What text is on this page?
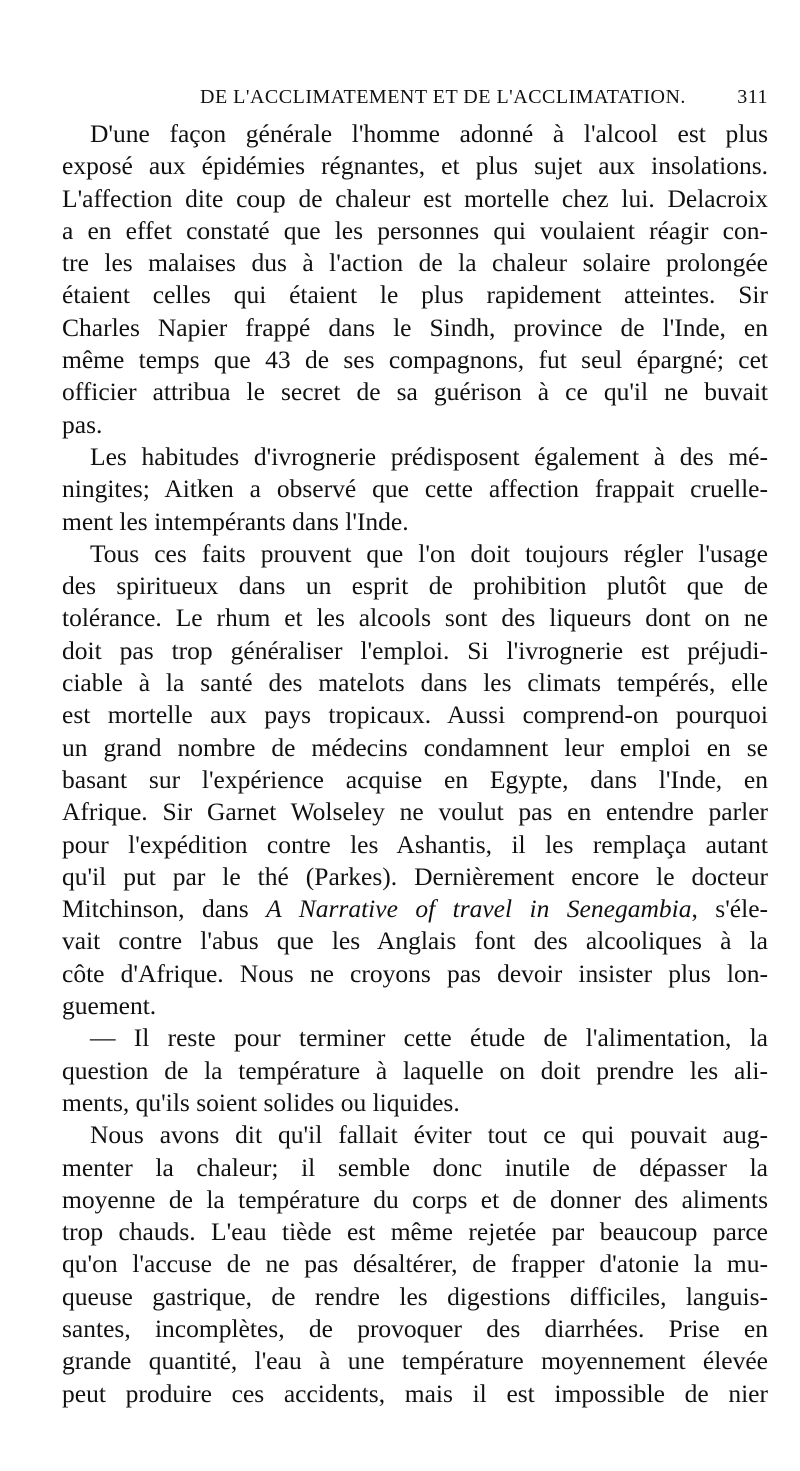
DE L'ACCLIMATEMENT ET DE L'ACCLIMATATION.	311
D'une façon générale l'homme adonné à l'alcool est plus
exposé aux épidémies régnantes, et plus sujet aux insolations.
L'affection dite coup de chaleur est mortelle chez lui. Delacroix
a en effet constaté que les personnes qui voulaient réagir con-
tre les malaises dus à l'action de la chaleur solaire prolongée
étaient celles qui étaient le plus rapidement atteintes. Sir
Charles Napier frappé dans le Sindh, province de l'Inde, en
même temps que 43 de ses compagnons, fut seul épargné; cet
officier attribua le secret de sa guérison à ce qu'il ne buvait
pas.
Les habitudes d'ivrognerie prédisposent également à des mé-
ningites; Aitken a observé que cette affection frappait cruelle-
ment les intempérants dans l'Inde.
Tous ces faits prouvent que l'on doit toujours régler l'usage
des spiritueux dans un esprit de prohibition plutôt que de
tolérance. Le rhum et les alcools sont des liqueurs dont on ne
doit pas trop généraliser l'emploi. Si l'ivrognerie est préjudi-
ciable à la santé des matelots dans les climats tempérés, elle
est mortelle aux pays tropicaux. Aussi comprend-on pourquoi
un grand nombre de médecins condamnent leur emploi en se
basant sur l'expérience acquise en Egypte, dans l'Inde, en
Afrique. Sir Garnet Wolseley ne voulut pas en entendre parler
pour l'expédition contre les Ashantis, il les remplaça autant
qu'il put par le thé (Parkes). Dernièrement encore le docteur
Mitchinson, dans A Narrative of travel in Senegambia, s'éle-
vait contre l'abus que les Anglais font des alcooliques à la
côte d'Afrique. Nous ne croyons pas devoir insister plus lon-
guement.
— Il reste pour terminer cette étude de l'alimentation, la
question de la température à laquelle on doit prendre les ali-
ments, qu'ils soient solides ou liquides.
Nous avons dit qu'il fallait éviter tout ce qui pouvait aug-
menter la chaleur; il semble donc inutile de dépasser la
moyenne de la température du corps et de donner des aliments
trop chauds. L'eau tiède est même rejetée par beaucoup parce
qu'on l'accuse de ne pas désaltérer, de frapper d'atonie la mu-
queuse gastrique, de rendre les digestions difficiles, languis-
santes, incomplètes, de provoquer des diarrhées. Prise en
grande quantité, l'eau à une température moyennement élevée
peut produire ces accidents, mais il est impossible de nier
